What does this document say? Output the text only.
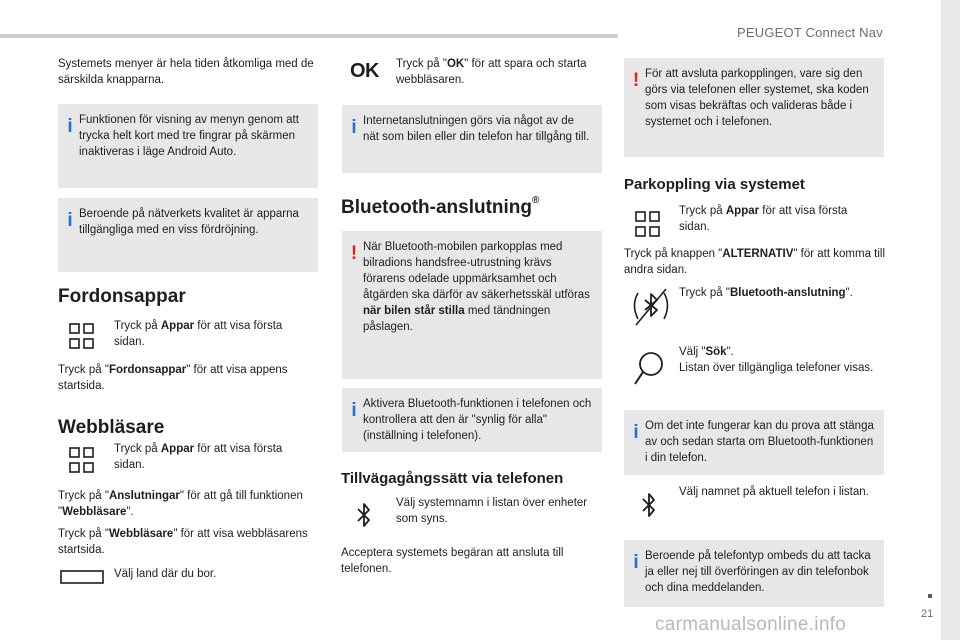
PEUGEOT Connect Nav
21
carmanualsonline.info

Systemets menyer är hela tiden åtkomliga med de särskilda knapparna.

i Funktionen för visning av menyn genom att trycka helt kort med tre fingrar på skärmen inaktiveras i läge Android Auto.

i Beroende på nätverkets kvalitet är apparna tillgängliga med en viss fördröjning.

Fordonsappar

Tryck på Appar för att visa första sidan.

Tryck på "Fordonsappar" för att visa appens startsida.

Webbläsare

Tryck på Appar för att visa första sidan.

Tryck på "Anslutningar" för att gå till funktionen "Webbläsare".

Tryck på "Webbläsare" för att visa webbläsarens startsida.

Välj land där du bor.

OK Tryck på "OK" för att spara och starta webbläsaren.

i Internetanslutningen görs via något av de nät som bilen eller din telefon har tillgång till.

Bluetooth-anslutning®
! När Bluetooth-mobilen parkopplas med bilradions handsfree-utrustning krävs förarens odelade uppmärksamhet och åtgärden ska därför av säkerhetsskäl utföras när bilen står stilla med tändningen påslagen.

i Aktivera Bluetooth-funktionen i telefonen och kontrollera att den är "synlig för alla" (inställning i telefonen).

Tillvägagångssätt via telefonen

Välj systemnamn i listan över enheter som syns.

Acceptera systemets begäran att ansluta till telefonen.

! För att avsluta parkopplingen, vare sig den görs via telefonen eller systemet, ska koden som visas bekräftas och valideras både i systemet och i telefonen.

Parkoppling via systemet

Tryck på Appar för att visa första sidan.

Tryck på knappen "ALTERNATIV" för att komma till andra sidan.

Tryck på "Bluetooth-anslutning".

Välj "Sök".
Listan över tillgängliga telefoner visas.

i Om det inte fungerar kan du prova att stänga av och sedan starta om Bluetooth-funktionen i din telefon.

Välj namnet på aktuell telefon i listan.

i Beroende på telefontyp ombeds du att tacka ja eller nej till överföringen av din telefonbok och dina meddelanden.
